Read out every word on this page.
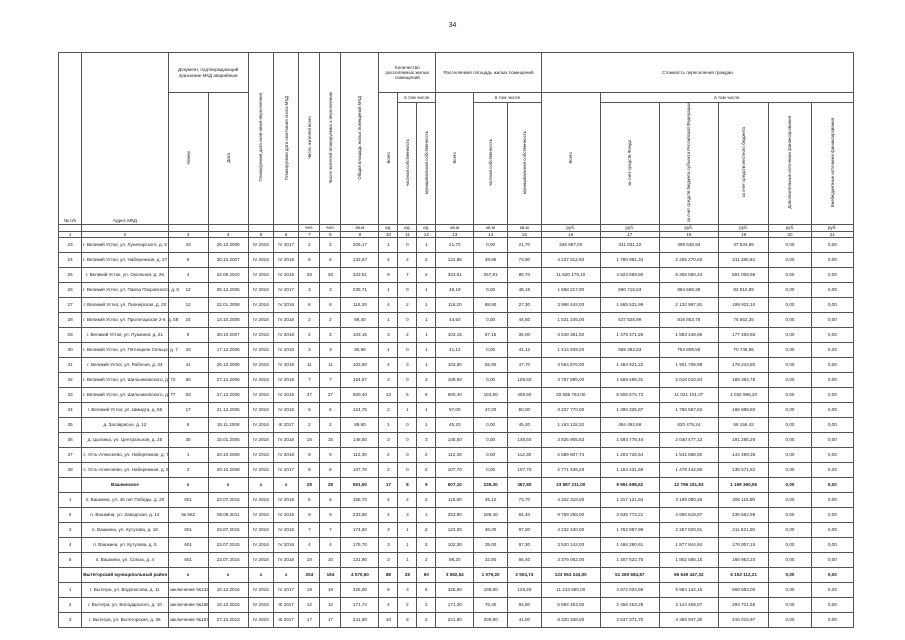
34
№ п/п	Адрес МКД	Документ, подтверждающий признание МКД аварийным		Планируемая дата окончания переселения	Планируемая дата окончания сноса МКД	Число жителей всего	Число жителей планируемых к переселению	Общая площадь жилых помещений МКД	Количество расселяемых жилых помещений			Расселяемая площадь жилых помещений			Стоимость переселения граждан					
		Номер	Дата						Всего	в том числе		Всего	в том числе		Всего	в том числе				
										частная собственность	муниципальная собственность		частная собственность	муниципальная собственность		за счет средств Фонда	за счет средств бюджета субъекта Российской Федерации	за счет средств местного бюджета	Дополнительные источники финансирования	Внебюджетные источники финансирования
						чел.	чел.	кв.м	ед.	ед.	ед.	кв.м	кв.м	кв.м	руб.	руб.	руб.	руб.	руб.	руб.
1	2	3	4	5	6	7	8	9	10	11	12	13	14	15	16	17	18	19	20	21
23	г. Великий Устюг, ул. Луначарского, д. 8	43	26.12.2006	IV 2016	IV 2017	2	2	205,17	1	0	1	21,70	0,00	21,70	346 697,00	311 031,22	398 535,93	37 534,85	0,00	0,00
24	г. Великий Устюг, ул. Набережная, д. 27	9	30.10.2007	IV 2016	IV 2016	8	8	133,67	4	2	2	122,86	48,96	73,90	4 237 612,60	1 780 981,34	2 255 270,63	211 380,63	0,00	0,00
25	г. Великий Устюг, ул. Окольная, д. 26	4	22.06.2010	IV 2016	IV 2016	28	28	343,51	9	7	2	343,51	257,81	85,70	11 820 179,10	4 923 659,80	6 305 560,24	591 008,96	0,00	0,00
26	г. Великий Устюг, ул. Павла Покровского, д. 8	12	06.12.2006	IV 2016	IV 2017	3	3	239,71	1	0	1	48,19	0,00	48,19	1 658 217,90	690 718,63	884 588,38	82 910,89	0,00	0,00
27	г. Великий Устюг, ул. Пионерская, д. 20	12	22.01.2008	IV 2016	IV 2016	8	8	116,20	4	2	1	116,20	88,90	27,30	3 998 442,00	1 665 521,99	2 132 997,91	199 922,10	0,00	0,00
28	г. Великий Устюг, ул. Пролетарская 2-я, д. 58	24	14.10.2008	IV 2016	IV 2016	2	2	89,40	1	0	1	44,50	0,00	44,50	1 531 245,00	637 828,99	816 853,76	76 562,25	0,00	0,00
29	г. Великий Устюг, ул. Пушкина, д. 21	8	30.10.2007	IV 2016	IV 2016	2	2	103,15	3	2	1	103,15	67,15	36,00	3 549 391,50	1 478 471,26	1 893 448,66	177 469,58	0,00	0,00
30	г. Великий Устюг, ул. Пятницкое Сельцо, д. 7	33	17.12.2006	IV 2016	IV 2016	3	3	90,98	1	0	1	41,12	0,00	41,12	1 414 939,20	589 382,83	754 809,55	70 746,96	0,00	0,00
31	г. Великий Устюг, ул. Рабочая, д. 34	41	26.12.2006	IV 2016	IV 2016	11	11	103,60	4	3	1	103,60	55,90	47,70	3 564 876,00	1 484 921,22	1 901 706,98	178 243,80	0,00	0,00
32	г. Великий Устюг, ул. Шильниковского, д. 72	60	27.12.2006	IV 2016	IV 2016	7	7	154,57	3	0	3	109,50	0,00	109,50	3 767 895,00	1 569 489,31	2 010 010,94	188 394,75	0,00	0,00
33	г. Великий Устюг, ул. Шильниковского, д. 77	63	27.12.2006	IV 2016	IV 2016	37	37	600,40	13	5	8	600,40	193,80	406,60	20 659 764,00	8 605 674,73	11 021 101,07	1 032 988,20	0,00	0,00
34	г. Великий Устюг, ул. Шмидта, д. 65	17	21.12.2006	IV 2016	IV 2016	6	6	124,75	2	1	1	97,00	47,00	50,00	3 337 770,00	1 390 325,87	1 780 557,63	166 888,50	0,00	0,00
35	д. Засаврасье, д. 12	9	15.11.2008	IV 2016	III 2017	2	2	89,60	1	0	1	45,20	0,00	45,20	1 163 128,32	484 492,66	620 479,24	58 156,42	0,00	0,00
36	д. Цыганка, ул. Центральная, д. 25	35	15.01.2006	IV 2016	IV 2016	15	15	148,50	3	0	3	148,50	0,00	148,50	3 825 905,83	1 593 778,44	2 040 477,13	191 295,29	0,00	0,00
37	с. Усть-Алексеево, ул. Набережная, д. 7	1	20.10.2008	IV 2016	IV 2016	9	9	112,30	2	0	2	112,30	0,00	112,30	2 889 807,74	1 203 728,64	1 541 588,92	144 490,38	0,00	0,00
38	с. Усть-Алексеево, ул. Набережная, д. 5	2	20.10.2008	IV 2016	IV 2017	8	8	107,70	2	0	2	107,70	0,00	107,70	2 771 436,28	1 154 431,66	1 478 442,80	138 571,82	0,00	0,00
	Вашкинское	x	x	x	x	28	28	651,50	17	8	9	607,10	239,30	367,80	23 987 211,00	9 991 698,62	12 796 151,83	1 199 360,55	0,00	0,00
1	п. Вашкина, ул. 40 лет Победы, д. 20	601	23.07.2015	IV 2016	IV 2016	5	5	158,70	4	2	2	115,80	45,10	73,70	4 322 318,00	1 317 121,84	3 199 080,46	206 115,90	0,00	0,00
2	п. Вашкина, ул. Заводская, д. 14	№ 662	09.08.2011	IV 2016	IV 2016	9	9	233,80	4	3	1	253,80	189,40	64,40	9 759 258,00	3 635 773,21	4 650 819,87	436 662,99	0,00	0,00
3	п. Вашкина, ул. Кутузова, д. 18	601	23.07.2015	IV 2016	IV 2016	7	7	174,60	3	1	2	123,00	36,00	87,00	4 232 430,00	1 762 987,99	2 257 820,51	211 621,50	0,00	0,00
4	п. Вашкина, ул. Кутузова, д. 5	601	23.07.2015	IV 2016	IV 2016	4	4	176,70	3	1	2	102,30	35,00	67,30	3 520 142,00	1 466 290,61	1 877 844,84	176 007,15	0,00	0,00
5	п. Вашкина, ул. Союза, д. 4	601	23.07.2015	IV 2016	IV 2016	10	10	131,90	3	1	2	98,20	32,80	65,40	3 379 062,00	1 407 522,75	1 802 585,15	168 953,10	0,00	0,00
	Вытегорский муниципальный район	x	x	x	x	204	194	4 570,50	88	28	60	3 582,54	1 079,20	2 504,74	123 063 244,00	51 260 684,87	65 649 447,32	6 153 112,21	0,00	0,00
1	г. Вытегра, ул. Водоносова, д. 11	заключение №133	10.12.2016	IV 2016	IV 2017	19	19	326,90	8	3	5	326,90	199,80	126,20	11 213 660,00	4 672 024,85	5 984 142,15	560 683,00	0,00	0,00
2	г. Вытегра, ул. Володарского, д. 10	заключение №156	10.12.2016	IV 2016	III 2017	12	12	171,74	4	2	2	171,30	76,40	94,80	5 984 453,00	2 455 263,28	3 144 459,07	294 721,65	0,00	0,00
3	г. Вытегра, ул. Вытегорская, д. 36	заключение №157	27.10.2013	IV 2015	III 2017	17	17	241,80	10	8	2	241,80	200,80	41,00	8 320 338,00	3 537 371,70	4 366 947,30	416 016,97	0,00	0,00
